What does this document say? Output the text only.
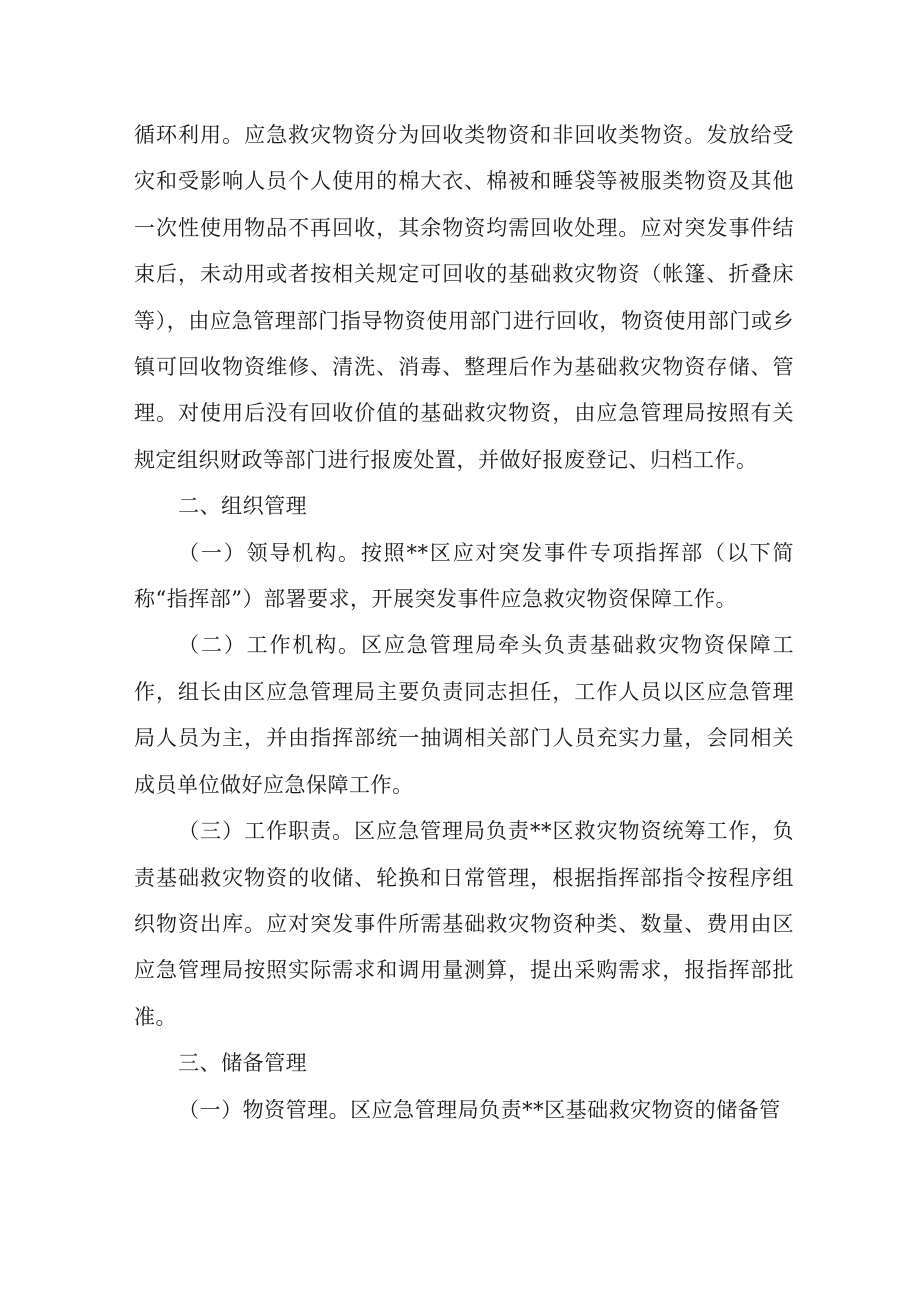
循环利用。应急救灾物资分为回收类物资和非回收类物资。发放给受灾和受影响人员个人使用的棉大衣、棉被和睡袋等被服类物资及其他一次性使用物品不再回收，其余物资均需回收处理。应对突发事件结束后，未动用或者按相关规定可回收的基础救灾物资（帐篷、折叠床等），由应急管理部门指导物资使用部门进行回收，物资使用部门或乡镇可回收物资维修、清洗、消毒、整理后作为基础救灾物资存储、管理。对使用后没有回收价值的基础救灾物资，由应急管理局按照有关规定组织财政等部门进行报废处置，并做好报废登记、归档工作。

二、组织管理

（一）领导机构。按照**区应对突发事件专项指挥部（以下简称“指挥部”）部署要求，开展突发事件应急救灾物资保障工作。

（二）工作机构。区应急管理局牵头负责基础救灾物资保障工作，组长由区应急管理局主要负责同志担任，工作人员以区应急管理局人员为主，并由指挥部统一抽调相关部门人员充实力量，会同相关成员单位做好应急保障工作。

（三）工作职责。区应急管理局负责**区救灾物资统筹工作，负责基础救灾物资的收储、轮换和日常管理，根据指挥部指令按程序组织物资出库。应对突发事件所需基础救灾物资种类、数量、费用由区应急管理局按照实际需求和调用量测算，提出采购需求，报指挥部批准。

三、储备管理

（一）物资管理。区应急管理局负责**区基础救灾物资的储备管
